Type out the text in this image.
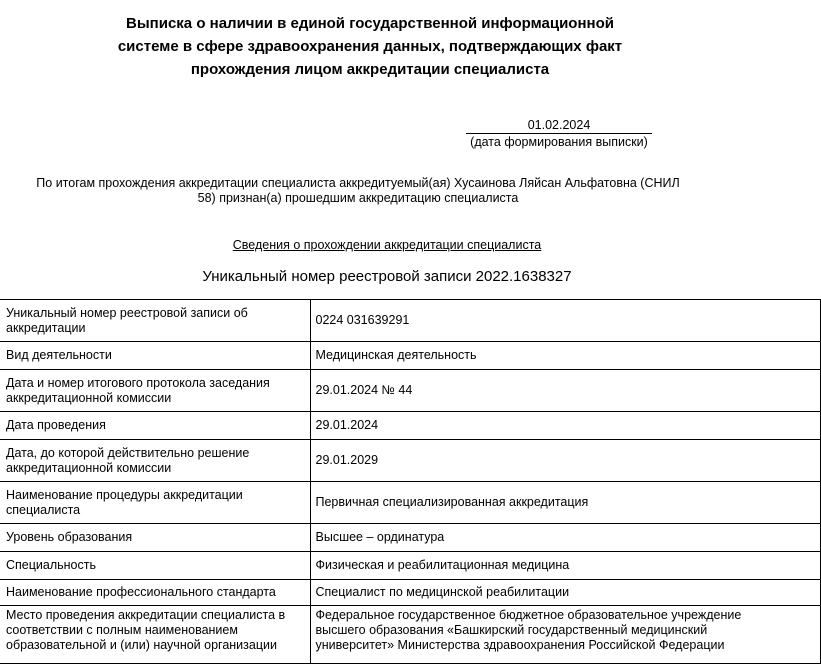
Выписка о наличии в единой государственной информационной
системе в сфере здравоохранения данных, подтверждающих факт
прохождения лицом аккредитации специалиста
01.02.2024
(дата формирования выписки)
По итогам прохождения аккредитации специалиста аккредитуемый(ая) Хусаинова Ляйсан Альфатовна (СНИЛ
58) признан(а) прошедшим аккредитацию специалиста
Сведения о прохождении аккредитации специалиста
Уникальный номер реестровой записи 2022.1638327
Уникальный номер реестровой записи об аккредитации	0224 031639291
Вид деятельности	Медицинская деятельность
Дата и номер итогового протокола заседания аккредитационной комиссии	29.01.2024 № 44
Дата проведения	29.01.2024
Дата, до которой действительно решение аккредитационной комиссии	29.01.2029
Наименование процедуры аккредитации специалиста	Первичная специализированная аккредитация
Уровень образования	Высшее – ординатура
Специальность	Физическая и реабилитационная медицина
Наименование профессионального стандарта	Специалист по медицинской реабилитации
Место проведения аккредитации специалиста в соответствии с полным наименованием образовательной и (или) научной организации	Федеральное государственное бюджетное образовательное учреждение
высшего образования «Башкирский государственный медицинский
университет» Министерства здравоохранения Российской Федерации
